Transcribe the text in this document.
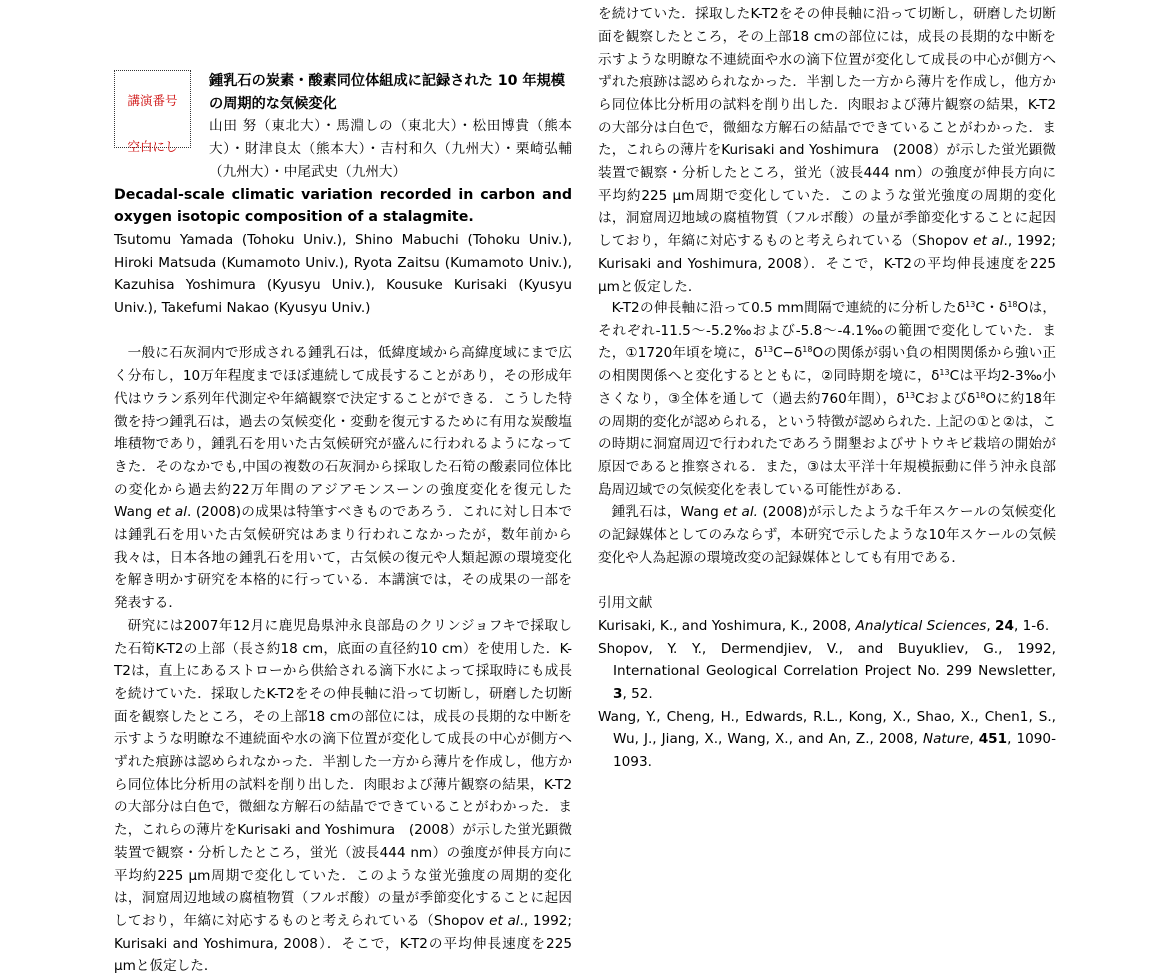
講演番号
空白にし

鍾乳石の炭素・酸素同位体組成に記録された 10 年規模の周期的な気候変化

山田 努（東北大）・馬淵しの（東北大）・松田博貴（熊本大）・財津良太（熊本大）・吉村和久（九州大）・栗崎弘輔（九州大）・中尾武史（九州大）

Decadal-scale climatic variation recorded in carbon and oxygen isotopic composition of a stalagmite.

Tsutomu Yamada (Tohoku Univ.), Shino Mabuchi (Tohoku Univ.), Hiroki Matsuda (Kumamoto Univ.), Ryota Zaitsu (Kumamoto Univ.), Kazuhisa Yoshimura (Kyusyu Univ.), Kousuke Kurisaki (Kyusyu Univ.), Takefumi Nakao (Kyusyu Univ.)

一般に石灰洞内で形成される鍾乳石は，低緯度域から高緯度域にまで広く分布し，10万年程度までほぼ連続して成長することがあり，その形成年代はウラン系列年代測定や年縞観察で決定することができる．こうした特徴を持つ鍾乳石は，過去の気候変化・変動を復元するために有用な炭酸塩堆積物であり，鍾乳石を用いた古気候研究が盛んに行われるようになってきた．そのなかでも,中国の複数の石灰洞から採取した石筍の酸素同位体比の変化から過去約22万年間のアジアモンスーンの強度変化を復元したWang et al. (2008)の成果は特筆すべきものであろう．これに対し日本では鍾乳石を用いた古気候研究はあまり行われこなかったが，数年前から我々は，日本各地の鍾乳石を用いて，古気候の復元や人類起源の環境変化を解き明かす研究を本格的に行っている．本講演では，その成果の一部を発表する．

研究には2007年12月に鹿児島県沖永良部島のクリンジョフキで採取した石筍K-T2の上部（長さ約18 cm，底面の直径約10 cm）を使用した．K-T2は，直上にあるストローから供給される滴下水によって採取時にも成長を続けていた．採取したK-T2をその伸長軸に沿って切断し，研磨した切断面を観察したところ，その上部18 cmの部位には，成長の長期的な中断を示すような明瞭な不連続面や水の滴下位置が変化して成長の中心が側方へずれた痕跡は認められなかった．半割した一方から薄片を作成し，他方から同位体比分析用の試料を削り出した．肉眼および薄片観察の結果，K-T2の大部分は白色で，微細な方解石の結晶でできていることがわかった．また，これらの薄片をKurisaki and Yoshimura　(2008）が示した蛍光顕微装置で観察・分析したところ，蛍光（波長444 nm）の強度が伸長方向に平均約225 μm周期で変化していた．このような蛍光強度の周期的変化は，洞窟周辺地域の腐植物質（フルボ酸）の量が季節変化することに起因しており，年縞に対応するものと考えられている（Shopov et al., 1992; Kurisaki and Yoshimura, 2008）．そこで，K-T2の平均伸長速度を225 μmと仮定した．

を続けていた．採取したK-T2をその伸長軸に沿って切断し，研磨した切断面を観察したところ，その上部18 cmの部位には，成長の長期的な中断を示すような明瞭な不連続面や水の滴下位置が変化して成長の中心が側方へずれた痕跡は認められなかった．半割した一方から薄片を作成し，他方から同位体比分析用の試料を削り出した．肉眼および薄片観察の結果，K-T2の大部分は白色で，微細な方解石の結晶でできていることがわかった．また，これらの薄片をKurisaki and Yoshimura　(2008）が示した蛍光顕微装置で観察・分析したところ，蛍光（波長444 nm）の強度が伸長方向に平均約225 μm周期で変化していた．このような蛍光強度の周期的変化は，洞窟周辺地域の腐植物質（フルボ酸）の量が季節変化することに起因しており，年縞に対応するものと考えられている（Shopov et al., 1992; Kurisaki and Yoshimura, 2008）．そこで，K-T2の平均伸長速度を225 μmと仮定した．

K-T2の伸長軸に沿って0.5 mm間隔で連続的に分析した$\delta^{13}C$・$\delta^{18}O$は，それぞれ-11.5～-5.2‰および-5.8～-4.1‰の範囲で変化していた．また，①1720年頃を境に，$\delta^{13}C-\delta^{18}O$の関係が弱い負の相関関係から強い正の相関関係へと変化するとともに，②同時期を境に，$\delta^{13}C$は平均2-3‰小さくなり，③全体を通して（過去約760年間），$\delta^{13}C$および$\delta^{18}O$に約18年の周期的変化が認められる，という特徴が認められた. 上記の①と②は，この時期に洞窟周辺で行われたであろう開墾およびサトウキビ栽培の開始が原因であると推察される．また，③は太平洋十年規模振動に伴う沖永良部島周辺域での気候変化を表している可能性がある．

鍾乳石は，Wang et al. (2008)が示したような千年スケールの気候変化の記録媒体としてのみならず，本研究で示したような10年スケールの気候変化や人為起源の環境改変の記録媒体としても有用である．

引用文献

Kurisaki, K., and Yoshimura, K., 2008, Analytical Sciences, 24, 1-6.

Shopov, Y. Y., Dermendjiev, V., and Buyukliev, G., 1992, International Geological Correlation Project No. 299 Newsletter, 3, 52.

Wang, Y., Cheng, H., Edwards, R.L., Kong, X., Shao, X., Chen1, S., Wu, J., Jiang, X., Wang, X., and An, Z., 2008, Nature, 451, 1090-1093.
